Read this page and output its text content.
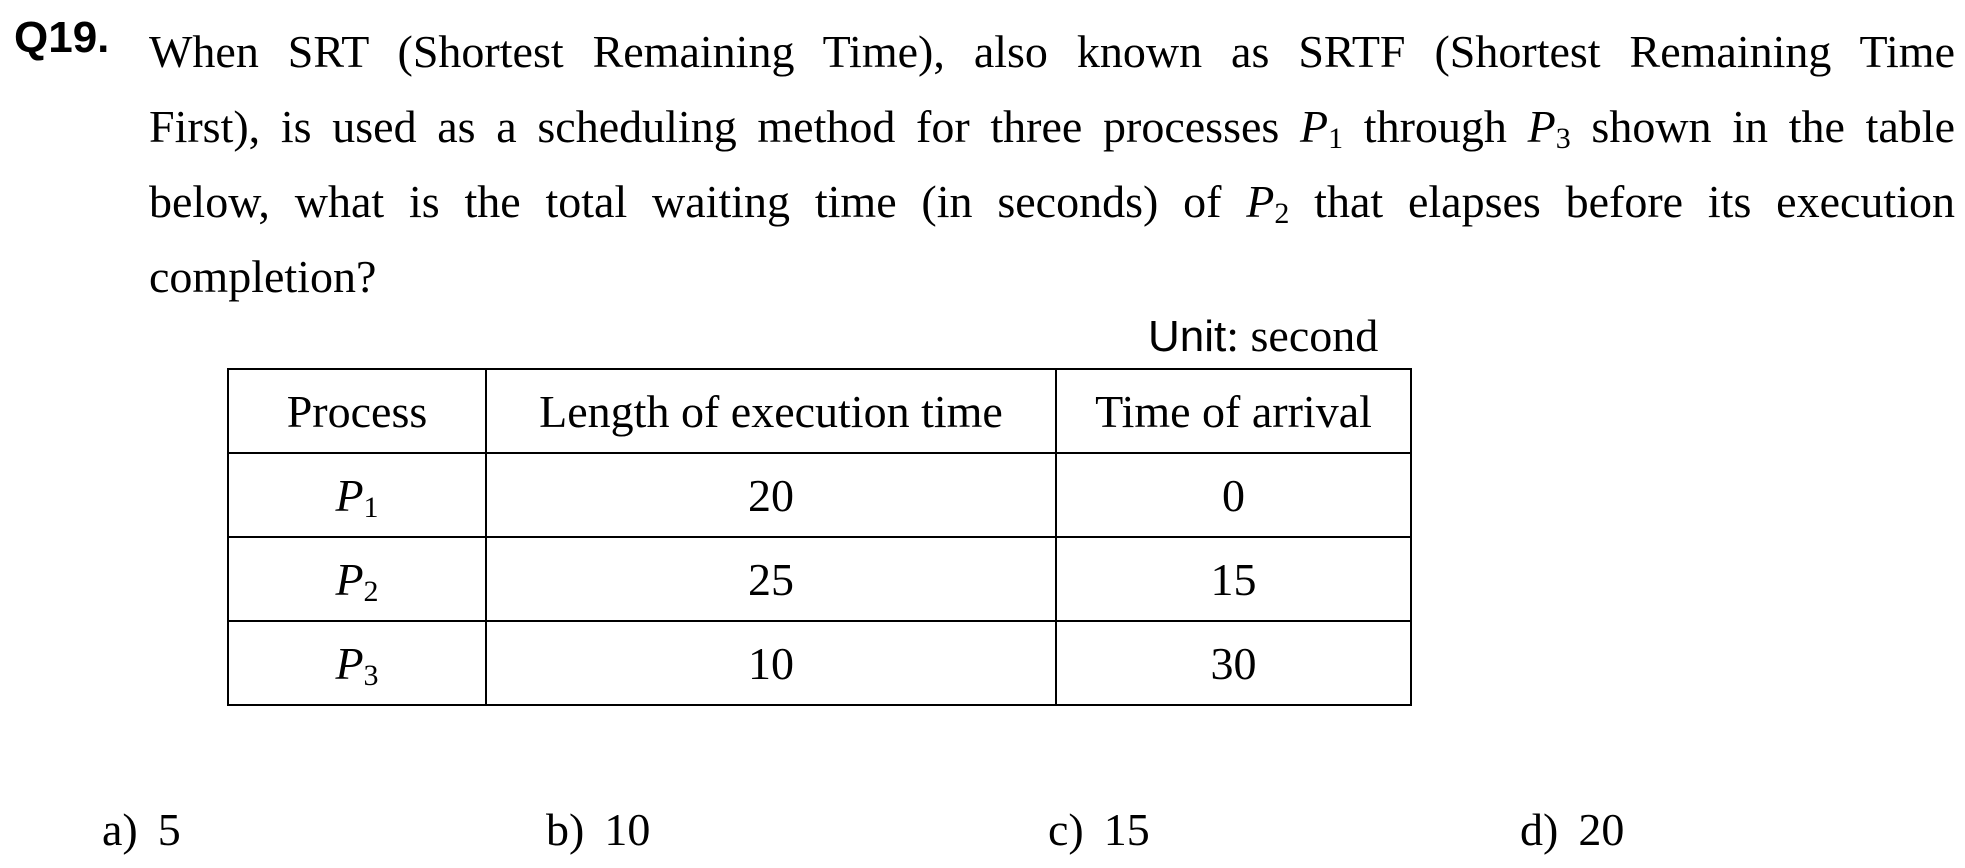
Q19. When SRT (Shortest Remaining Time), also known as SRTF (Shortest Remaining Time
First), is used as a scheduling method for three processes $P_1$ through $P_3$ shown in the table
below, what is the total waiting time (in seconds) of $P_2$ that elapses before its execution
completion?
Unit: second
Process	Length of execution time	Time of arrival
$P_1$	20	0
$P_2$	25	15
$P_3$	10	30
a) 5	b) 10	c) 15	d) 20
